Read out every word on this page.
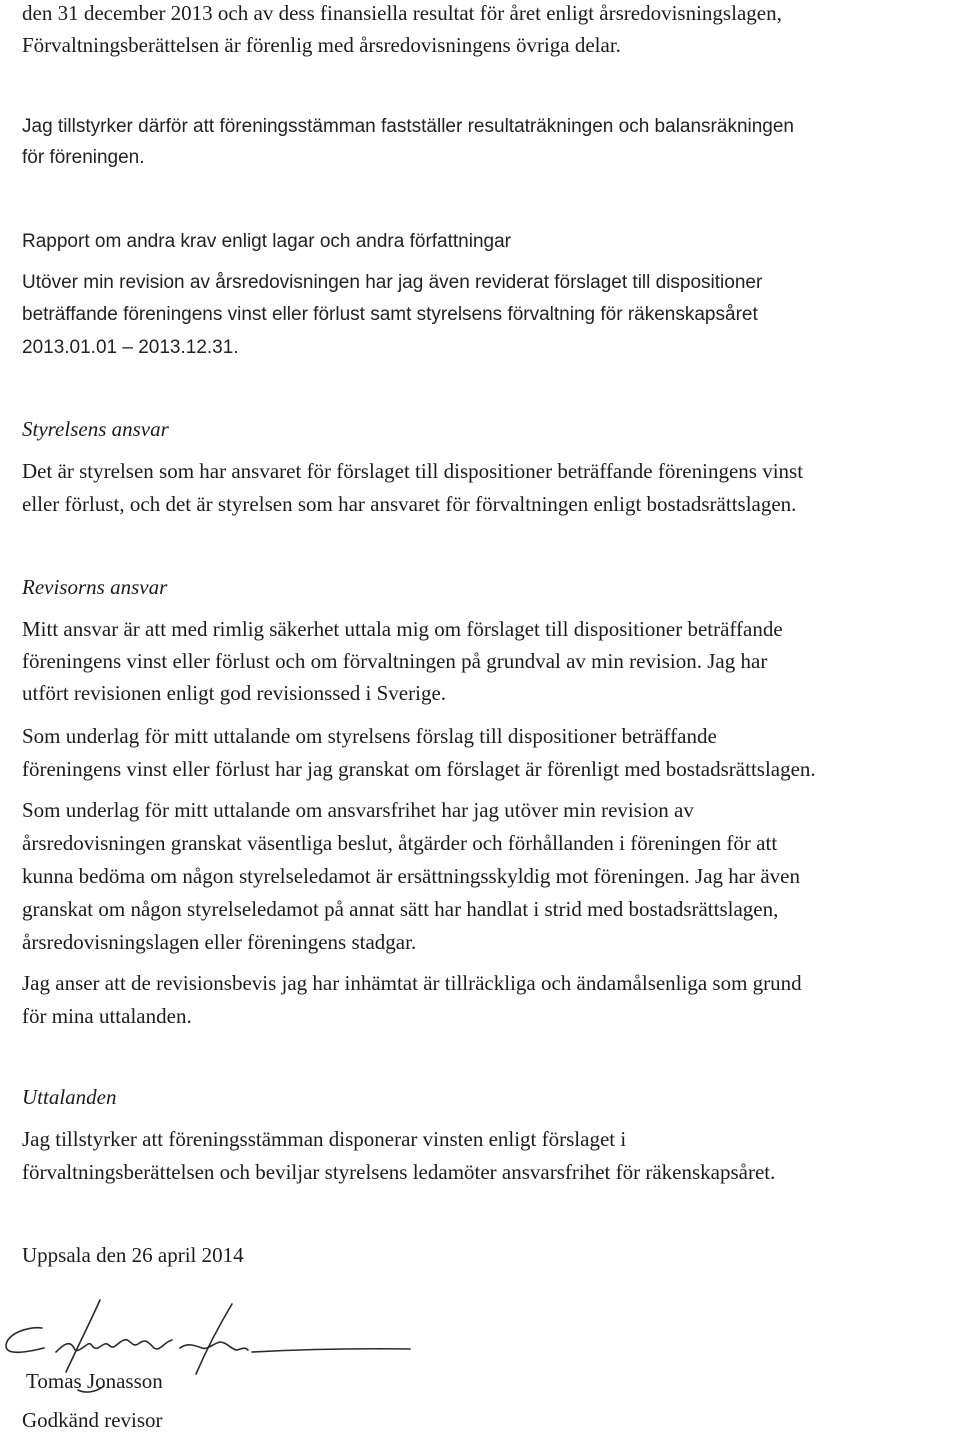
den 31 december 2013 och av dess finansiella resultat för året enligt årsredovisningslagen,
Förvaltningsberättelsen är förenlig med årsredovisningens övriga delar.
Jag tillstyrker därför att föreningsstämman fastställer resultaträkningen och balansräkningen
för föreningen.
Rapport om andra krav enligt lagar och andra författningar
Utöver min revision av årsredovisningen har jag även reviderat förslaget till dispositioner
beträffande föreningens vinst eller förlust samt styrelsens förvaltning för räkenskapsåret
2013.01.01 – 2013.12.31.
Styrelsens ansvar
Det är styrelsen som har ansvaret för förslaget till dispositioner beträffande föreningens vinst
eller förlust, och det är styrelsen som har ansvaret för förvaltningen enligt bostadsrättslagen.
Revisorns ansvar
Mitt ansvar är att med rimlig säkerhet uttala mig om förslaget till dispositioner beträffande
föreningens vinst eller förlust och om förvaltningen på grundval av min revision. Jag har
utfört revisionen enligt god revisionssed i Sverige.
Som underlag för mitt uttalande om styrelsens förslag till dispositioner beträffande
föreningens vinst eller förlust har jag granskat om förslaget är förenligt med bostadsrättslagen.
Som underlag för mitt uttalande om ansvarsfrihet har jag utöver min revision av
årsredovisningen granskat väsentliga beslut, åtgärder och förhållanden i föreningen för att
kunna bedöma om någon styrelseledamot är ersättningsskyldig mot föreningen. Jag har även
granskat om någon styrelseledamot på annat sätt har handlat i strid med bostadsrättslagen,
årsredovisningslagen eller föreningens stadgar.
Jag anser att de revisionsbevis jag har inhämtat är tillräckliga och ändamålsenliga som grund
för mina uttalanden.
Uttalanden
Jag tillstyrker att föreningsstämman disponerar vinsten enligt förslaget i
förvaltningsberättelsen och beviljar styrelsens ledamöter ansvarsfrihet för räkenskapsåret.
Uppsala den 26 april 2014
Tomas Jonasson
Godkänd revisor
